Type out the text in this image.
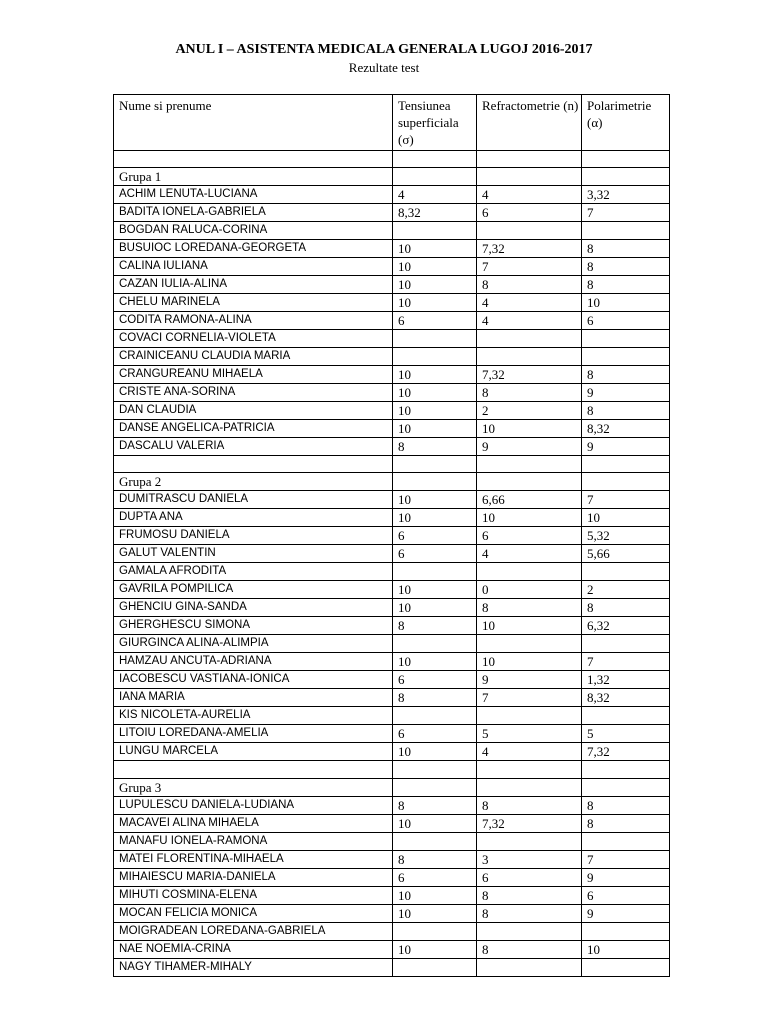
ANUL I – ASISTENTA MEDICALA GENERALA LUGOJ 2016-2017
Rezultate test
Nume si prenume	Tensiunea superficiala (σ)	Refractometrie (n)	Polarimetrie (α)

Grupa 1			
ACHIM LENUTA-LUCIANA	4	4	3,32
BADITA IONELA-GABRIELA	8,32	6	7
BOGDAN RALUCA-CORINA			
BUSUIOC LOREDANA-GEORGETA	10	7,32	8
CALINA IULIANA	10	7	8
CAZAN IULIA-ALINA	10	8	8
CHELU MARINELA	10	4	10
CODITA RAMONA-ALINA	6	4	6
COVACI CORNELIA-VIOLETA			
CRAINICEANU CLAUDIA MARIA			
CRANGUREANU MIHAELA	10	7,32	8
CRISTE ANA-SORINA	10	8	9
DAN CLAUDIA	10	2	8
DANSE ANGELICA-PATRICIA	10	10	8,32
DASCALU VALERIA	8	9	9

Grupa 2			
DUMITRASCU DANIELA	10	6,66	7
DUPTA ANA	10	10	10
FRUMOSU DANIELA	6	6	5,32
GALUT VALENTIN	6	4	5,66
GAMALA AFRODITA			
GAVRILA POMPILICA	10	0	2
GHENCIU GINA-SANDA	10	8	8
GHERGHESCU SIMONA	8	10	6,32
GIURGINCA ALINA-ALIMPIA			
HAMZAU ANCUTA-ADRIANA	10	10	7
IACOBESCU VASTIANA-IONICA	6	9	1,32
IANA MARIA	8	7	8,32
KIS NICOLETA-AURELIA			
LITOIU LOREDANA-AMELIA	6	5	5
LUNGU MARCELA	10	4	7,32

Grupa 3			
LUPULESCU DANIELA-LUDIANA	8	8	8
MACAVEI ALINA MIHAELA	10	7,32	8
MANAFU IONELA-RAMONA			
MATEI FLORENTINA-MIHAELA	8	3	7
MIHAIESCU MARIA-DANIELA	6	6	9
MIHUTI COSMINA-ELENA	10	8	6
MOCAN FELICIA MONICA	10	8	9
MOIGRADEAN LOREDANA-GABRIELA			
NAE NOEMIA-CRINA	10	8	10
NAGY TIHAMER-MIHALY			
